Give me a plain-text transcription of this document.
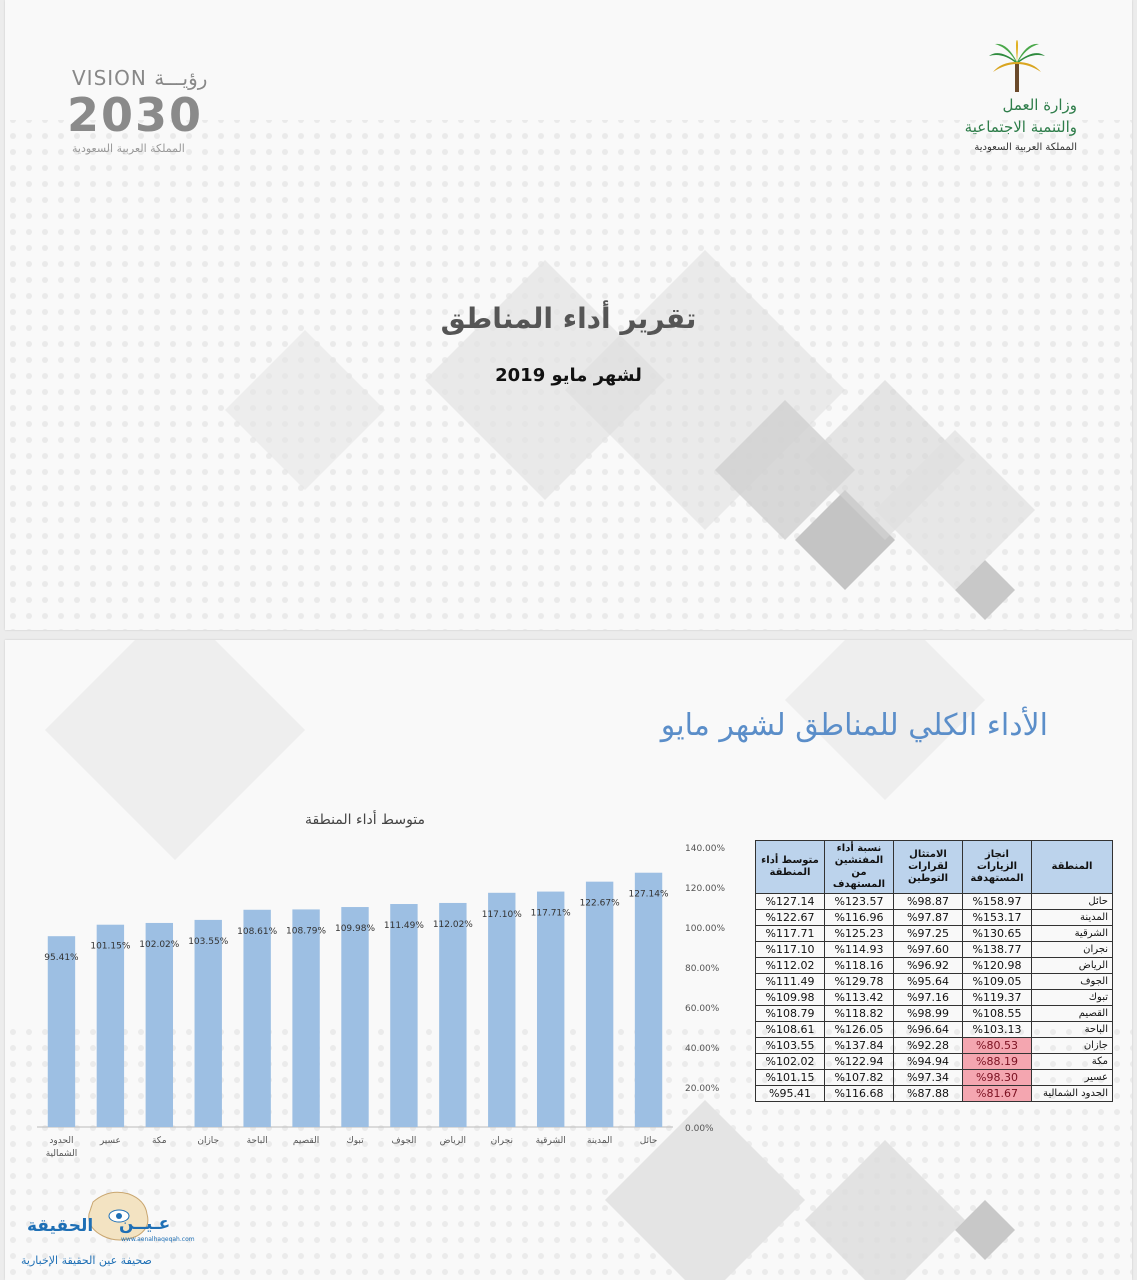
VISION رؤيـــة
2030
المملكة العربية السعودية
وزارة العمل
والتنمية الاجتماعية
المملكة العربية السعودية
تقرير أداء المناطق
لشهر مايو 2019
الأداء الكلي للمناطق لشهر مايو
متوسط أداء المنطقة
0.00%
20.00%
40.00%
60.00%
80.00%
100.00%
120.00%
140.00%
95.41%
الحدود
الشمالية
101.15%
عسير
102.02%
مكة
103.55%
جازان
108.61%
الباحة
108.79%
القصيم
109.98%
تبوك
111.49%
الجوف
112.02%
الرياض
117.10%
نجران
117.71%
الشرقية
122.67%
المدينة
127.14%
حائل
المنطقة	انجاز الزيارات المستهدفة	الامتثال لقرارات التوطين	نسبة أداء المفتشين من المستهدف	متوسط أداء المنطقة
حائل	%158.97	%98.87	%123.57	%127.14
المدينة	%153.17	%97.87	%116.96	%122.67
الشرقية	%130.65	%97.25	%125.23	%117.71
نجران	%138.77	%97.60	%114.93	%117.10
الرياض	%120.98	%96.92	%118.16	%112.02
الجوف	%109.05	%95.64	%129.78	%111.49
تبوك	%119.37	%97.16	%113.42	%109.98
القصيم	%108.55	%98.99	%118.82	%108.79
الباحة	%103.13	%96.64	%126.05	%108.61
جازان	%80.53	%92.28	%137.84	%103.55
مكة	%88.19	%94.94	%122.94	%102.02
عسير	%98.30	%97.34	%107.82	%101.15
الحدود الشمالية	%81.67	%87.88	%116.68	%95.41
الحقيقة عـيــن
www.aenalhaqeqah.com
صحيفة عين الحقيقة الإخبارية
